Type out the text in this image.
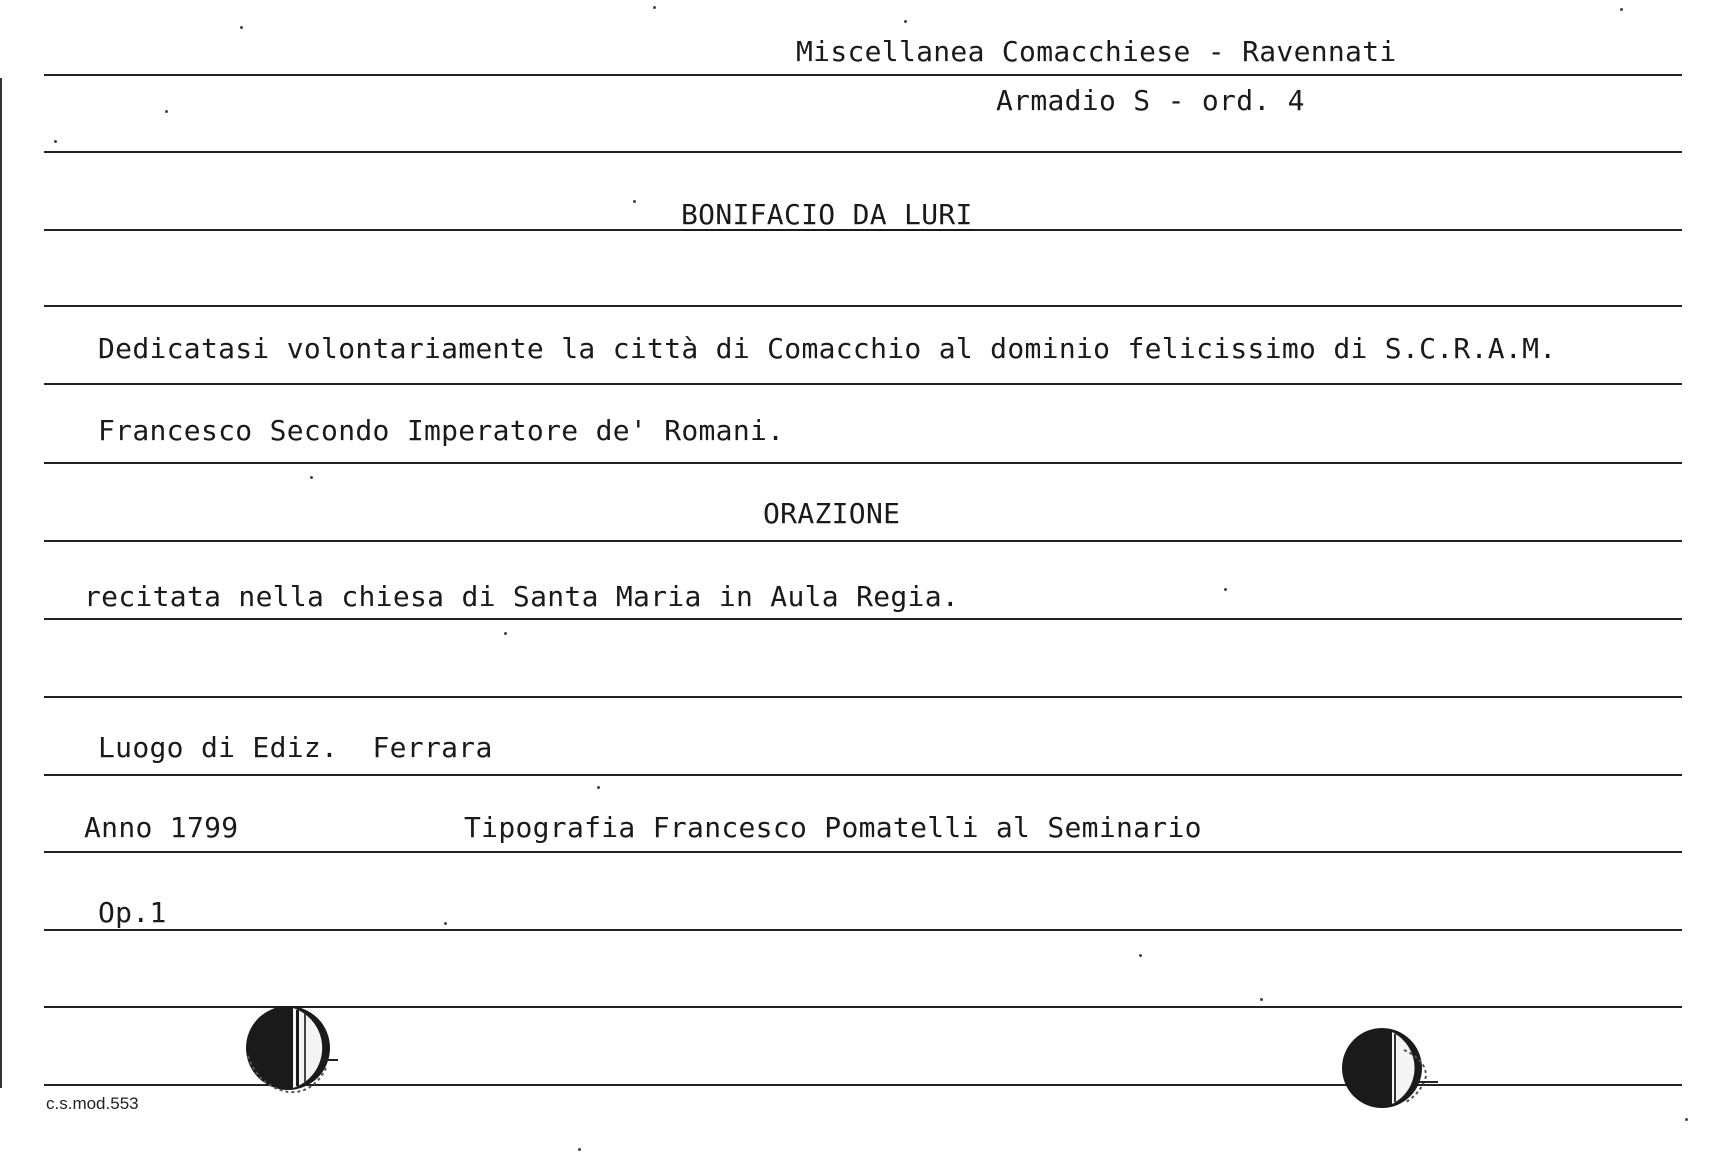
Miscellanea Comacchiese - Ravennati
Armadio S - ord. 4
BONIFACIO DA LURI
Dedicatasi volontariamente la città di Comacchio al dominio felicissimo di S.C.R.A.M.
Francesco Secondo Imperatore de' Romani.
ORAZIONE
recitata nella chiesa di Santa Maria in Aula Regia.
Luogo di Ediz.  Ferrara
Anno 1799	Tipografia Francesco Pomatelli al Seminario
Op.1
c.s.mod.553
